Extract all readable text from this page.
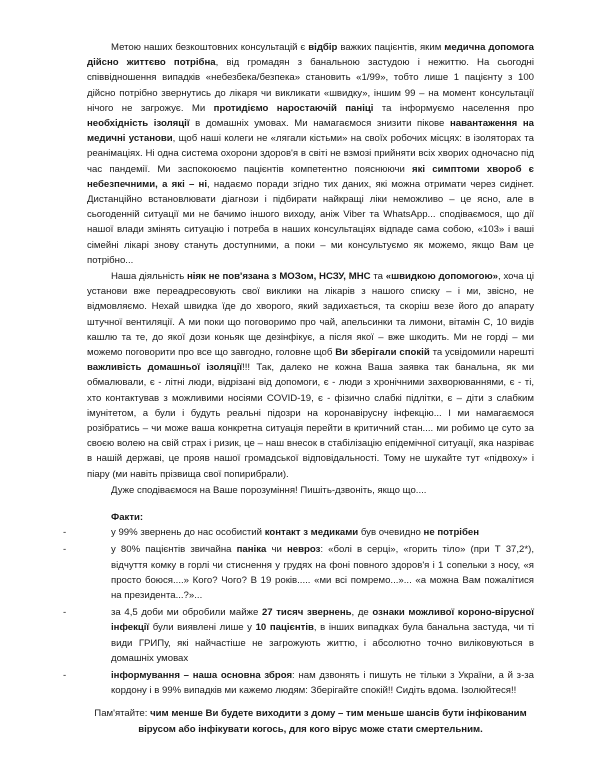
Метою наших безкоштовних консультацій є відбір важких пацієнтів, яким медична допомога дійсно життєво потрібна, від громадян з банальною застудою і нежиттю. На сьогодні співвідношення випадків «небезбека/безпека» становить «1/99», тобто лише 1 пацієнту з 100 дійсно потрібно звернутись до лікаря чи викликати «швидку», іншим 99 – на момент консультації нічого не загрожує. Ми протидіємо наростаючій паніці та інформуємо населення про необхідність ізоляції в домашніх умовах. Ми намагаємося знизити пікове навантаження на медичні установи, щоб наші колеги не «лягали кістьми» на своїх робочих місцях: в ізоляторах та реанімаціях. Ні одна система охорони здоров'я в світі не взмозі прийняти всіх хворих одночасно під час пандемії. Ми заспокоюємо пацієнтів компетентно пояснюючи які симптоми хвороб є небезпечними, а які – ні, надаємо поради згідно тих даних, які можна отримати через сидінет. Дистанційно встановлювати діагнози і підбирати найкращі ліки неможливо – це ясно, але в сьогоденній ситуації ми не бачимо іншого виходу, аніж Viber та WhatsApp... сподіваємося, що дії нашої влади змінять ситуацію і потреба в наших консультаціях відпаде сама собою, «103» і ваші сімейні лікарі знову стануть доступними, а поки – ми консультуємо як можемо, якщо Вам це потрібно...

Наша діяльність ніяк не пов'язана з МОЗом, НСЗУ, МНС та «швидкою допомогою», хоча ці установи вже переадресовують свої виклики на лікарів з нашого списку – і ми, звісно, не відмовляємо. Нехай швидка їде до хворого, який задихається, та скоріш везе його до апарату штучної вентиляції. А ми поки що поговоримо про чай, апельсинки та лимони, вітамін С, 10 видів кашлю та те, до якої дози коньяк ще дезінфікує, а після якої – вже шкодить. Ми не горді – ми можемо поговорити про все що завгодно, головне щоб Ви зберігали спокій та усвідомили нарешті важливість домашньої ізоляції!!! Так, далеко не кожна Ваша заявка так банальна, як ми обмалювали, є - літні люди, відрізані від допомоги, є - люди з хронічними захворюваннями, є - ті, хто контактував з можливими носіями COVID-19, є - фізично слабкі підлітки, є – діти з слабким імунітетом, а були і будуть реальні підозри на коронавірусну інфекцію... І ми намагаємося розібратись – чи може ваша конкретна ситуація перейти в критичний стан.... ми робимо це суто за своєю волею на свій страх і ризик, це – наш внесок в стабілізацію епідемічної ситуації, яка назріває в нашій державі, це прояв нашої громадської відповідальності. Тому не шукайте тут «підвоху» і піару (ми навіть прізвища свої попирибрали).

Дуже сподіваємося на Ваше порозуміння! Пишіть-дзвоніть, якщо що....

Факти:
-	у 99% звернень до нас особистий контакт з медиками був очевидно не потрібен
-	у 80% пацієнтів звичайна паніка чи невроз: «болі в серці», «горить тіло» (при Т 37,2*), відчуття комку в горлі чи стиснення у грудях на фоні повного здоров'я і 1 сопельки з носу, «я просто боюся....» Кого? Чого? В 19 років..... «ми всі помремо...»... «а можна Вам пожалітися на президента...?»...
-	за 4,5 доби ми обробили майже 27 тисяч звернень, де ознаки можливої короно-вірусної інфекції були виявлені лише у 10 пацієнтів, в інших випадках була банальна застуда, чи ті види ГРИПу, які найчастіше не загрожують життю, і абсолютно точно виліковуються в домашніх умовах
-	інформування – наша основна зброя: нам дзвонять і пишуть не тільки з України, а й з-за кордону і в 99% випадків ми кажемо людям: Зберігайте спокій!! Сидіть вдома. Ізолюйтеся!!
Пам'ятайте: чим менше Ви будете виходити з дому – тим меньше шансів бути інфікованим вірусом або інфікувати когось, для кого вірус може стати смертельним.
